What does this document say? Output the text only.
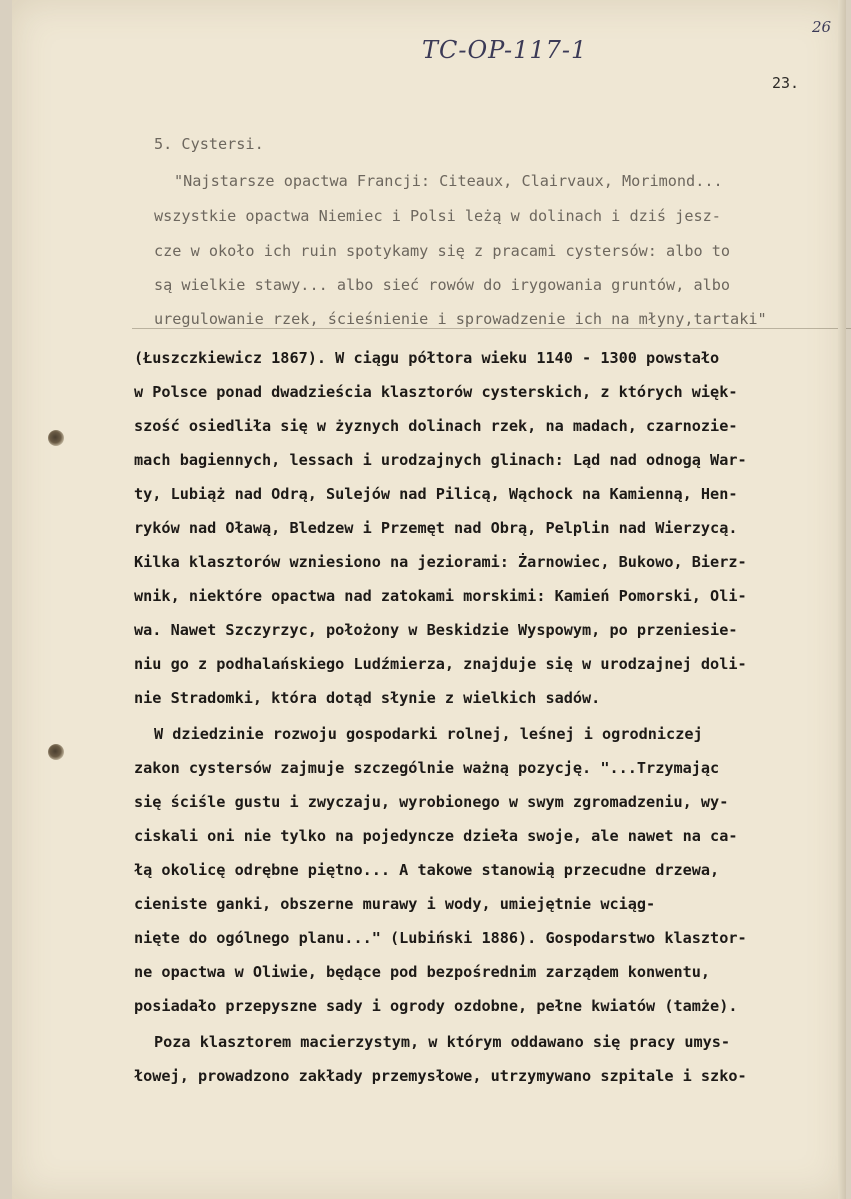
TC-OP-117-1
26
23.
5. Cystersi.
"Najstarsze opactwa Francji: Citeaux, Clairvaux, Morimond...
wszystkie opactwa Niemiec i Polsi leżą w dolinach i dziś jesz-
cze w około ich ruin spotykamy się z pracami cystersów: albo to
są wielkie stawy... albo sieć rowów do irygowania gruntów, albo
uregulowanie rzek, ścieśnienie i sprowadzenie ich na młyny,tartaki"
(Łuszczkiewicz 1867). W ciągu półtora wieku 1140 - 1300 powstało
w Polsce ponad dwadzieścia klasztorów cysterskich, z których więk-
szość osiedliła się w żyznych dolinach rzek, na madach, czarnozie-
mach bagiennych, lessach i urodzajnych glinach: Ląd nad odnogą War-
ty, Lubiąż nad Odrą, Sulejów nad Pilicą, Wąchock na Kamienną, Hen-
ryków nad Oławą, Bledzew i Przemęt nad Obrą, Pelplin nad Wierzycą.
Kilka klasztorów wzniesiono na jeziorami: Żarnowiec, Bukowo, Bierz-
wnik, niektóre opactwa nad zatokami morskimi: Kamień Pomorski, Oli-
wa. Nawet Szczyrzyc, położony w Beskidzie Wyspowym, po przeniesie-
niu go z podhalańskiego Ludźmierza, znajduje się w urodzajnej doli-
nie Stradomki, która dotąd słynie z wielkich sadów.
W dziedzinie rozwoju gospodarki rolnej, leśnej i ogrodniczej
zakon cystersów zajmuje szczególnie ważną pozycję. "...Trzymając
się ściśle gustu i zwyczaju, wyrobionego w swym zgromadzeniu, wy-
ciskali oni nie tylko na pojedyncze dzieła swoje, ale nawet na ca-
łą okolicę odrębne piętno... A takowe stanowią przecudne drzewa,
cieniste ganki, obszerne murawy i wody, umiejętnie wciąg-
nięte do ogólnego planu..." (Lubiński 1886). Gospodarstwo klasztor-
ne opactwa w Oliwie, będące pod bezpośrednim zarządem konwentu,
posiadało przepyszne sady i ogrody ozdobne, pełne kwiatów (tamże).
Poza klasztorem macierzystym, w którym oddawano się pracy umys-
łowej, prowadzono zakłady przemysłowe, utrzymywano szpitale i szko-
